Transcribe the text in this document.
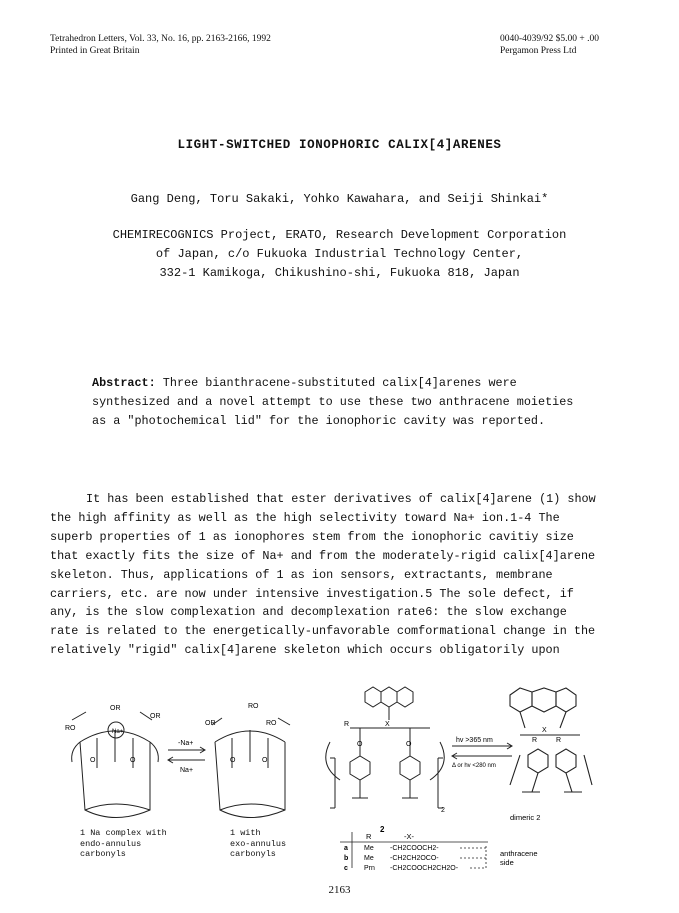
Tetrahedron Letters, Vol. 33, No. 16, pp. 2163-2166, 1992
Printed in Great Britain
0040-4039/92 $5.00 + .00
Pergamon Press Ltd
LIGHT-SWITCHED IONOPHORIC CALIX[4]ARENES
Gang Deng, Toru Sakaki, Yohko Kawahara, and Seiji Shinkai*
CHEMIRECOGNICS Project, ERATO, Research Development Corporation
of Japan, c/o Fukuoka Industrial Technology Center,
332-1 Kamikoga, Chikushino-shi, Fukuoka 818, Japan
Abstract: Three bianthracene-substituted calix[4]arenes were
synthesized and a novel attempt to use these two anthracene moieties
as a "photochemical lid" for the ionophoric cavity was reported.
It has been established that ester derivatives of calix[4]arene (1) show
the high affinity as well as the high selectivity toward Na+ ion.1-4 The
superb properties of 1 as ionophores stem from the ionophoric cavitiy size
that exactly fits the size of Na+ and from the moderately-rigid calix[4]arene
skeleton. Thus, applications of 1 as ion sensors, extractants, membrane
carriers, etc. are now under intensive investigation.5 The sole defect, if
any, is the slow complexation and decomplexation rate6: the slow exchange
rate is related to the energetically-unfavorable comformational change in the
relatively "rigid" calix[4]arene skeleton which occurs obligatorily upon
Na+
RO
OR
OR
O	O
-Na+
Na+
RO
OR	RO
O	O
R	X
O	O
2
2
hv >365 nm
Δ or hv <280 nm
X
R	R
dimeric 2
R	-X-
a Me -CH2COOCH2-
b Me -CH2CH2OCO-
c Prn -CH2COOCH2CH2O-
anthracene
side
1 Na complex with
endo-annulus
carbonyls
1 with
exo-annulus
carbonyls
2163
